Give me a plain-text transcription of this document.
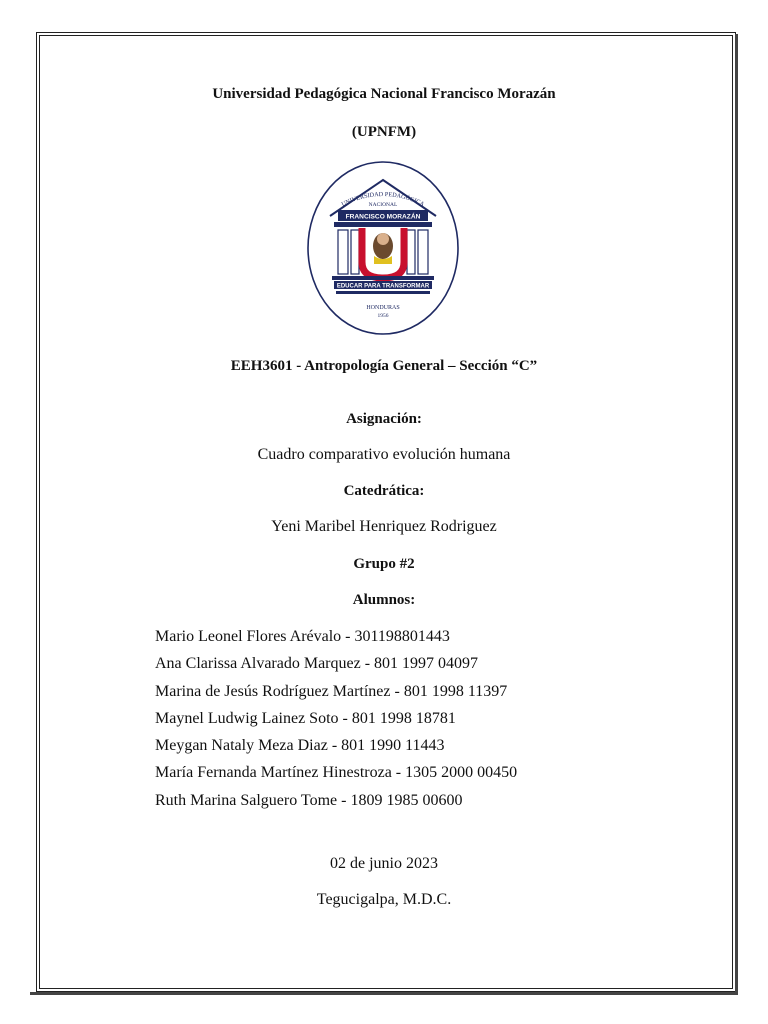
Universidad Pedagógica Nacional Francisco Morazán
(UPNFM)
UNIVERSIDAD PEDAGÓGICA
NACIONAL
FRANCISCO MORAZÁN
EDUCAR PARA TRANSFORMAR
HONDURAS
1956
EEH3601 - Antropología General – Sección “C”
Asignación:
Cuadro comparativo evolución humana
Catedrática:
Yeni Maribel Henriquez Rodriguez
Grupo #2
Alumnos:
Mario Leonel Flores Arévalo - 301198801443
Ana Clarissa Alvarado Marquez - 801 1997 04097
Marina de Jesús Rodríguez Martínez - 801 1998 11397
Maynel Ludwig Lainez Soto - 801 1998 18781
Meygan Nataly Meza Diaz - 801 1990 11443
María Fernanda Martínez Hinestroza - 1305 2000 00450
Ruth Marina Salguero Tome - 1809 1985 00600
02 de junio 2023
Tegucigalpa, M.D.C.
